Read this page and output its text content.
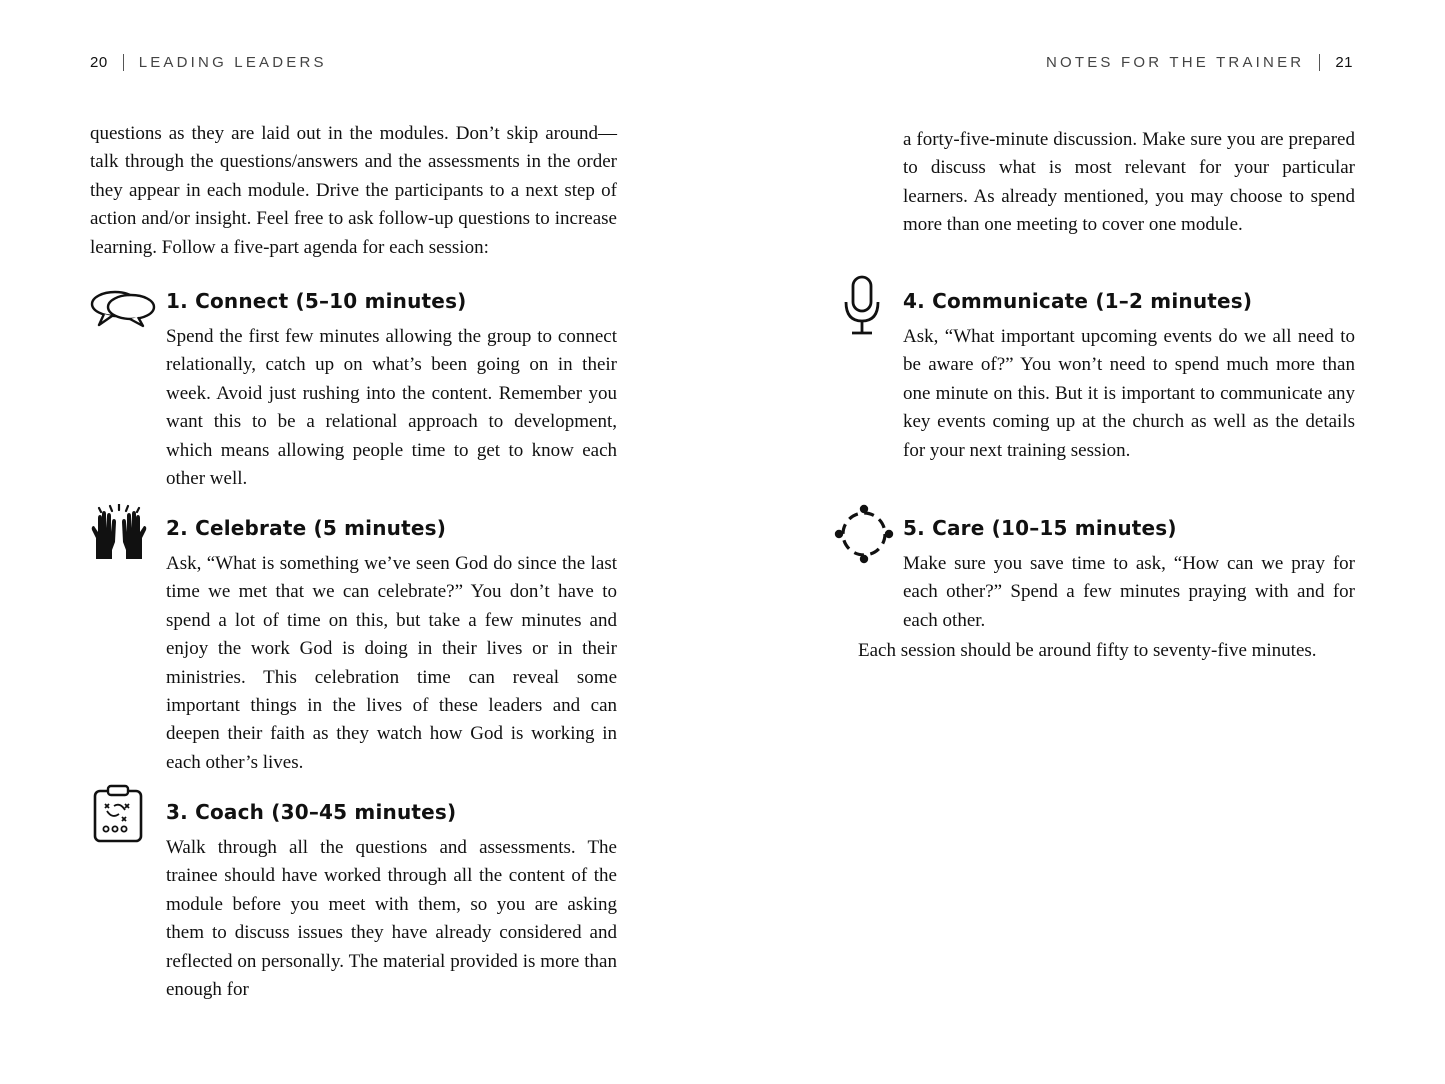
20 LEADING LEADERS

questions as they are laid out in the modules. Don’t skip around—talk through the questions/answers and the assessments in the order they appear in each module. Drive the participants to a next step of action and/or insight. Feel free to ask follow-up questions to increase learning. Follow a five-part agenda for each session:

1. Connect (5–10 minutes)

Spend the first few minutes allowing the group to connect relationally, catch up on what’s been going on in their week. Avoid just rushing into the content. Remember you want this to be a relational approach to development, which means allowing people time to get to know each other well.

2. Celebrate (5 minutes)

Ask, “What is something we’ve seen God do since the last time we met that we can celebrate?” You don’t have to spend a lot of time on this, but take a few minutes and enjoy the work God is doing in their lives or in their ministries. This celebration time can reveal some important things in the lives of these leaders and can deepen their faith as they watch how God is working in each other’s lives.

3. Coach (30–45 minutes)

Walk through all the questions and assessments. The trainee should have worked through all the content of the module before you meet with them, so you are asking them to discuss issues they have already considered and reflected on personally. The material provided is more than enough for

NOTES FOR THE TRAINER 21

a forty-five-minute discussion. Make sure you are prepared to discuss what is most relevant for your particular learners. As already mentioned, you may choose to spend more than one meeting to cover one module.

4. Communicate (1–2 minutes)

Ask, “What important upcoming events do we all need to be aware of?” You won’t need to spend much more than one minute on this. But it is important to communicate any key events coming up at the church as well as the details for your next training session.

5. Care (10–15 minutes)

Make sure you save time to ask, “How can we pray for each other?” Spend a few minutes praying with and for each other.

Each session should be around fifty to seventy-five minutes.
